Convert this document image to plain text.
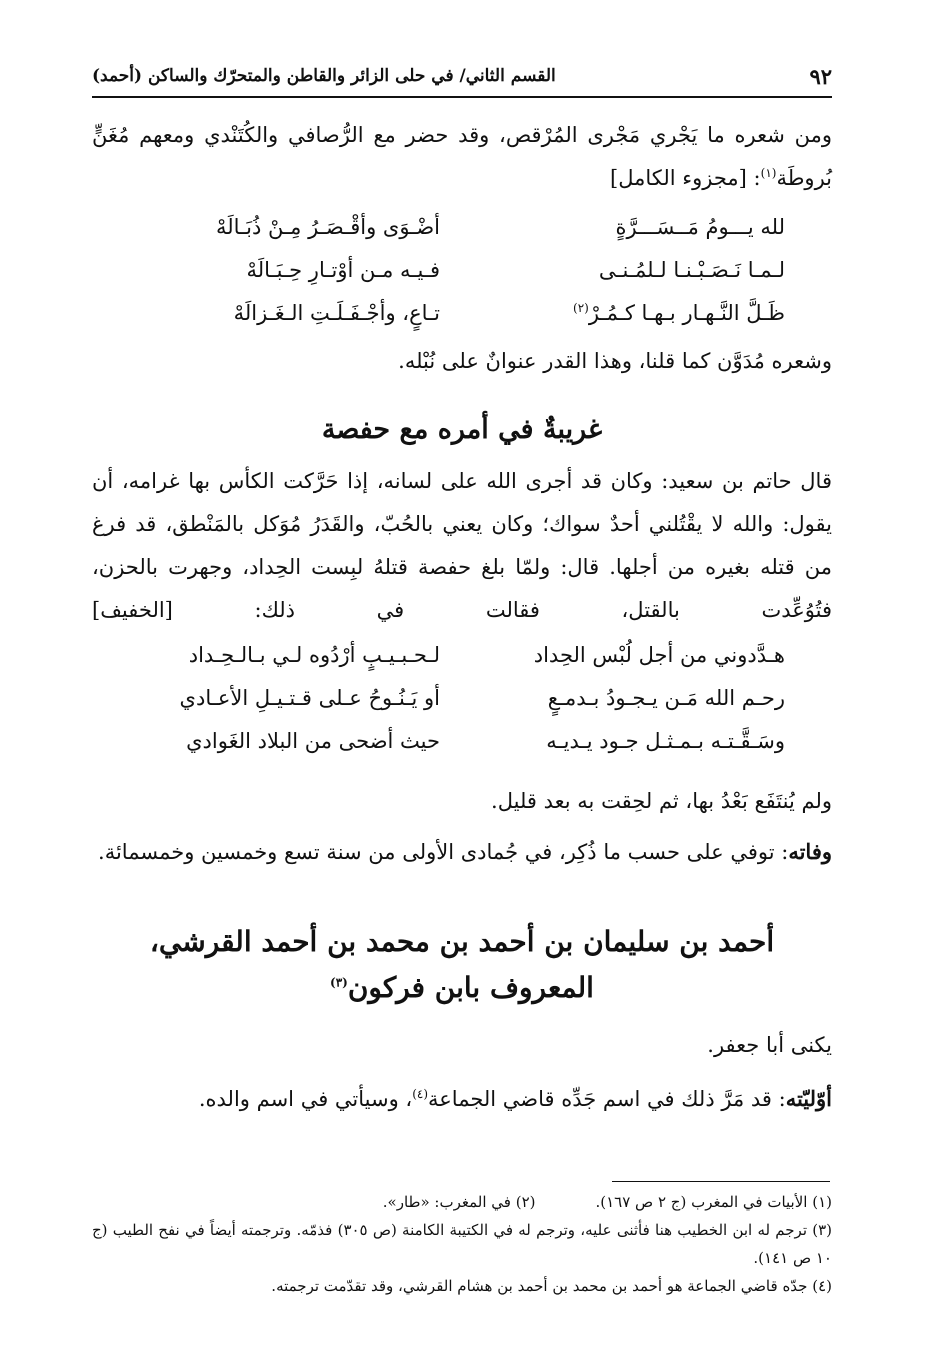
٩٢
القسم الثاني/ في حلى الزائر والقاطن والمتحرّك والساكن (أحمد)

ومن شعره ما يَجْري مَجْرى المُرْقص، وقد حضر مع الرُّصافي والكُتَنْدي ومعهم مُغَنٍّ بُروطَة$^{(١)}$: [مجزوء الكامل]

لله يـــومُ مَــسَـــرَّةٍ
أضْـوَى وأقْـصَـرُ مِـنْ ذُبَـالَهْ
لـمـا نَـصَـبْـنـا لـلمُـنـى
فـيـه مـن أوْتـارِ حِـبَـالَهْ
ظَـلَّ النَّـهـار بـهـا كـمُـرْ$^{(٢)}$
تـاعٍ، وأجْـفَـلَـتِ الـغَـزالَهْ

وشعره مُدَوَّن كما قلنا، وهذا القدر عنوانٌ على نُبْله.

غريبةٌ في أمره مع حفصة

قال حاتم بن سعيد: وكان قد أجرى الله على لسانه، إذا حَرَّكت الكأس بها غرامه، أن يقول: والله لا يقْتُلني أحدٌ سواك؛ وكان يعني بالحُبّ، والقَدَرُ مُوَكل بالمَنْطق، قد فرغ من قتله بغيره من أجلها. قال: ولمّا بلغ حفصة قتلهُ لبِست الحِداد، وجهرت بالحزن، فتُوُعِّدت بالقتل، فقالت في ذلك: [الخفيف]

هـدَّدوني من أجل لُبْس الحِداد
لـحـبـيـبٍ أرْدُوه لـي بـالـحِـداد
رحـم الله مَـن يـجـودُ بـدمـعٍ
أو يَـنُـوحُ عـلى قـتـيـلِ الأعـادي
وسَـقَّـتـه بـمـثـل جـود يـديـه
حيث أضحى من البلاد الغَوادي

ولم يُنتَفَع بَعْدُ بها، ثم لحِقت به بعد قليل.

وفاته: توفي على حسب ما ذُكِر، في جُمادى الأولى من سنة تسع وخمسين وخمسمائة.

أحمد بن سليمان بن أحمد بن محمد بن أحمد القرشي،
المعروف بابن فركون$^{(٣)}$

يكنى أبا جعفر.

أوّليّته: قد مَرَّ ذلك في اسم جَدِّه قاضي الجماعة$^{(٤)}$، وسيأتي في اسم والده.

(١) الأبيات في المغرب (ج ٢ ص ١٦٧).(٢) في المغرب: «طار».

(٣) ترجم له ابن الخطيب هنا فأثنى عليه، وترجم له في الكتيبة الكامنة (ص ٣٠٥) فذمّه. وترجمته أيضاً في نفح الطيب (ج ١٠ ص ١٤١).

(٤) جدّه قاضي الجماعة هو أحمد بن محمد بن أحمد بن هشام القرشي، وقد تقدّمت ترجمته.
